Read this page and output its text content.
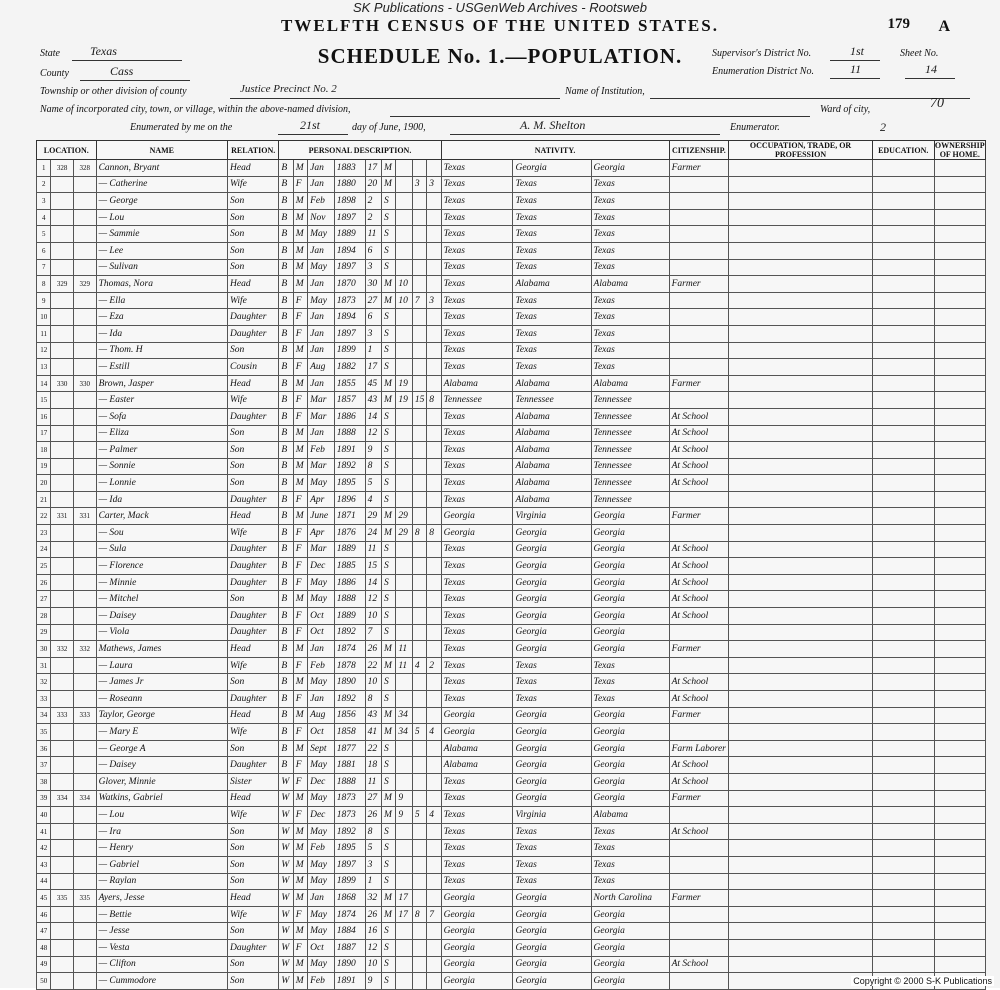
SK Publications - USGenWeb Archives - Rootsweb
TWELFTH CENSUS OF THE UNITED STATES.
SCHEDULE No. 1.—POPULATION.
179 A
State	Texas
County	Cass
Supervisor's District No.	1st
Enumeration District No.	11
Sheet No.
14
Township or other division of county	Justice Precinct No. 2	Name of Institution,
Name of incorporated city, town, or village, within the above-named division,	Ward of city,	70
Enumerated by me on the	21st	day of June, 1900,	A. M. Shelton	Enumerator.	2
LOCATION.			NAME	RELATION.	PERSONAL DESCRIPTION.									NATIVITY.			CITIZENSHIP.	OCCUPATION, TRADE, OR PROFESSION	EDUCATION.	OWNERSHIP OF HOME.
1	328	328	Cannon, Bryant	Head	B	M	Jan	1883	17	M				Texas	Georgia	Georgia	Farmer			
2			— Catherine	Wife	B	F	Jan	1880	20	M		3	3	Texas	Texas	Texas				
3			— George	Son	B	M	Feb	1898	2	S				Texas	Texas	Texas				
4			— Lou	Son	B	M	Nov	1897	2	S				Texas	Texas	Texas				
5			— Sammie	Son	B	M	May	1889	11	S				Texas	Texas	Texas				
6			— Lee	Son	B	M	Jan	1894	6	S				Texas	Texas	Texas				
7			— Sulivan	Son	B	M	May	1897	3	S				Texas	Texas	Texas				
8	329	329	Thomas, Nora	Head	B	M	Jan	1870	30	M	10			Texas	Alabama	Alabama	Farmer			
9			— Ella	Wife	B	F	May	1873	27	M	10	7	3	Texas	Texas	Texas				
10			— Eza	Daughter	B	F	Jan	1894	6	S				Texas	Texas	Texas				
11			— Ida	Daughter	B	F	Jan	1897	3	S				Texas	Texas	Texas				
12			— Thom. H	Son	B	M	Jan	1899	1	S				Texas	Texas	Texas				
13			— Estill	Cousin	B	F	Aug	1882	17	S				Texas	Texas	Texas				
14	330	330	Brown, Jasper	Head	B	M	Jan	1855	45	M	19			Alabama	Alabama	Alabama	Farmer			
15			— Easter	Wife	B	F	Mar	1857	43	M	19	15	8	Tennessee	Tennessee	Tennessee				
16			— Sofa	Daughter	B	F	Mar	1886	14	S				Texas	Alabama	Tennessee	At School			
17			— Eliza	Son	B	M	Jan	1888	12	S				Texas	Alabama	Tennessee	At School			
18			— Palmer	Son	B	M	Feb	1891	9	S				Texas	Alabama	Tennessee	At School			
19			— Sonnie	Son	B	M	Mar	1892	8	S				Texas	Alabama	Tennessee	At School			
20			— Lonnie	Son	B	M	May	1895	5	S				Texas	Alabama	Tennessee	At School			
21			— Ida	Daughter	B	F	Apr	1896	4	S				Texas	Alabama	Tennessee				
22	331	331	Carter, Mack	Head	B	M	June	1871	29	M	29			Georgia	Virginia	Georgia	Farmer			
23			— Sou	Wife	B	F	Apr	1876	24	M	29	8	8	Georgia	Georgia	Georgia				
24			— Sula	Daughter	B	F	Mar	1889	11	S				Texas	Georgia	Georgia	At School			
25			— Florence	Daughter	B	F	Dec	1885	15	S				Texas	Georgia	Georgia	At School			
26			— Minnie	Daughter	B	F	May	1886	14	S				Texas	Georgia	Georgia	At School			
27			— Mitchel	Son	B	M	May	1888	12	S				Texas	Georgia	Georgia	At School			
28			— Daisey	Daughter	B	F	Oct	1889	10	S				Texas	Georgia	Georgia	At School			
29			— Viola	Daughter	B	F	Oct	1892	7	S				Texas	Georgia	Georgia				
30	332	332	Mathews, James	Head	B	M	Jan	1874	26	M	11			Texas	Georgia	Georgia	Farmer			
31			— Laura	Wife	B	F	Feb	1878	22	M	11	4	2	Texas	Texas	Texas				
32			— James Jr	Son	B	M	May	1890	10	S				Texas	Texas	Texas	At School			
33			— Roseann	Daughter	B	F	Jan	1892	8	S				Texas	Texas	Texas	At School			
34	333	333	Taylor, George	Head	B	M	Aug	1856	43	M	34			Georgia	Georgia	Georgia	Farmer			
35			— Mary E	Wife	B	F	Oct	1858	41	M	34	5	4	Georgia	Georgia	Georgia				
36			— George A	Son	B	M	Sept	1877	22	S				Alabama	Georgia	Georgia	Farm Laborer			
37			— Daisey	Daughter	B	F	May	1881	18	S				Alabama	Georgia	Georgia	At School			
38			Glover, Minnie	Sister	W	F	Dec	1888	11	S				Texas	Georgia	Georgia	At School			
39	334	334	Watkins, Gabriel	Head	W	M	May	1873	27	M	9			Texas	Georgia	Georgia	Farmer			
40			— Lou	Wife	W	F	Dec	1873	26	M	9	5	4	Texas	Virginia	Alabama				
41			— Ira	Son	W	M	May	1892	8	S				Texas	Texas	Texas	At School			
42			— Henry	Son	W	M	Feb	1895	5	S				Texas	Texas	Texas				
43			— Gabriel	Son	W	M	May	1897	3	S				Texas	Texas	Texas				
44			— Raylan	Son	W	M	May	1899	1	S				Texas	Texas	Texas				
45	335	335	Ayers, Jesse	Head	W	M	Jan	1868	32	M	17			Georgia	Georgia	North Carolina	Farmer			
46			— Bettie	Wife	W	F	May	1874	26	M	17	8	7	Georgia	Georgia	Georgia				
47			— Jesse	Son	W	M	May	1884	16	S				Georgia	Georgia	Georgia				
48			— Vesta	Daughter	W	F	Oct	1887	12	S				Georgia	Georgia	Georgia				
49			— Clifton	Son	W	M	May	1890	10	S				Georgia	Georgia	Georgia	At School			
50			— Cummodore	Son	W	M	Feb	1891	9	S				Georgia	Georgia	Georgia					Copyright © 2000 S-K Publications
